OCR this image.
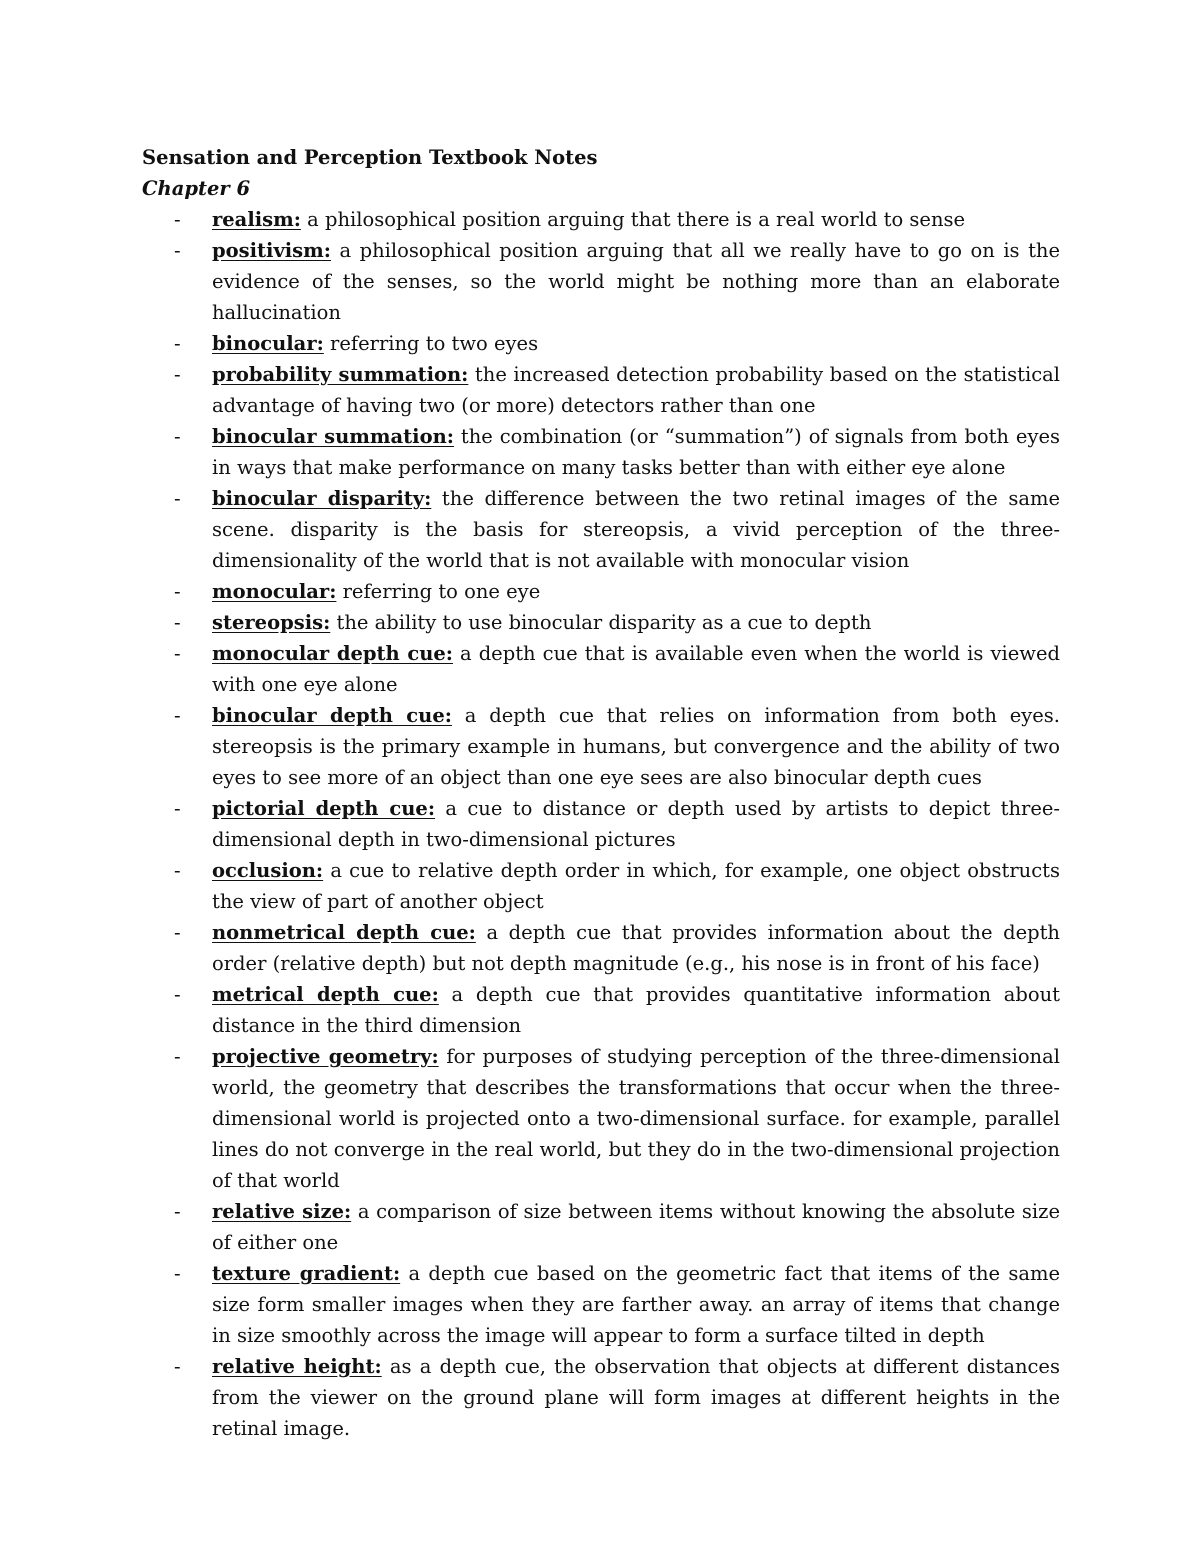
Sensation and Perception Textbook Notes

Chapter 6

- realism: a philosophical position arguing that there is a real world to sense
- positivism: a philosophical position arguing that all we really have to go on is the evidence of the senses, so the world might be nothing more than an elaborate hallucination
- binocular: referring to two eyes
- probability summation: the increased detection probability based on the statistical advantage of having two (or more) detectors rather than one
- binocular summation: the combination (or “summation”) of signals from both eyes in ways that make performance on many tasks better than with either eye alone
- binocular disparity: the difference between the two retinal images of the same scene. disparity is the basis for stereopsis, a vivid perception of the three-dimensionality of the world that is not available with monocular vision
- monocular: referring to one eye
- stereopsis: the ability to use binocular disparity as a cue to depth
- monocular depth cue: a depth cue that is available even when the world is viewed with one eye alone
- binocular depth cue: a depth cue that relies on information from both eyes. stereopsis is the primary example in humans, but convergence and the ability of two eyes to see more of an object than one eye sees are also binocular depth cues
- pictorial depth cue: a cue to distance or depth used by artists to depict three-dimensional depth in two-dimensional pictures
- occlusion: a cue to relative depth order in which, for example, one object obstructs the view of part of another object
- nonmetrical depth cue: a depth cue that provides information about the depth order (relative depth) but not depth magnitude (e.g., his nose is in front of his face)
- metrical depth cue: a depth cue that provides quantitative information about distance in the third dimension
- projective geometry: for purposes of studying perception of the three-dimensional world, the geometry that describes the transformations that occur when the three-dimensional world is projected onto a two-dimensional surface. for example, parallel lines do not converge in the real world, but they do in the two-dimensional projection of that world
- relative size: a comparison of size between items without knowing the absolute size of either one
- texture gradient: a depth cue based on the geometric fact that items of the same size form smaller images when they are farther away. an array of items that change in size smoothly across the image will appear to form a surface tilted in depth
- relative height: as a depth cue, the observation that objects at different distances from the viewer on the ground plane will form images at different heights in the retinal image.
